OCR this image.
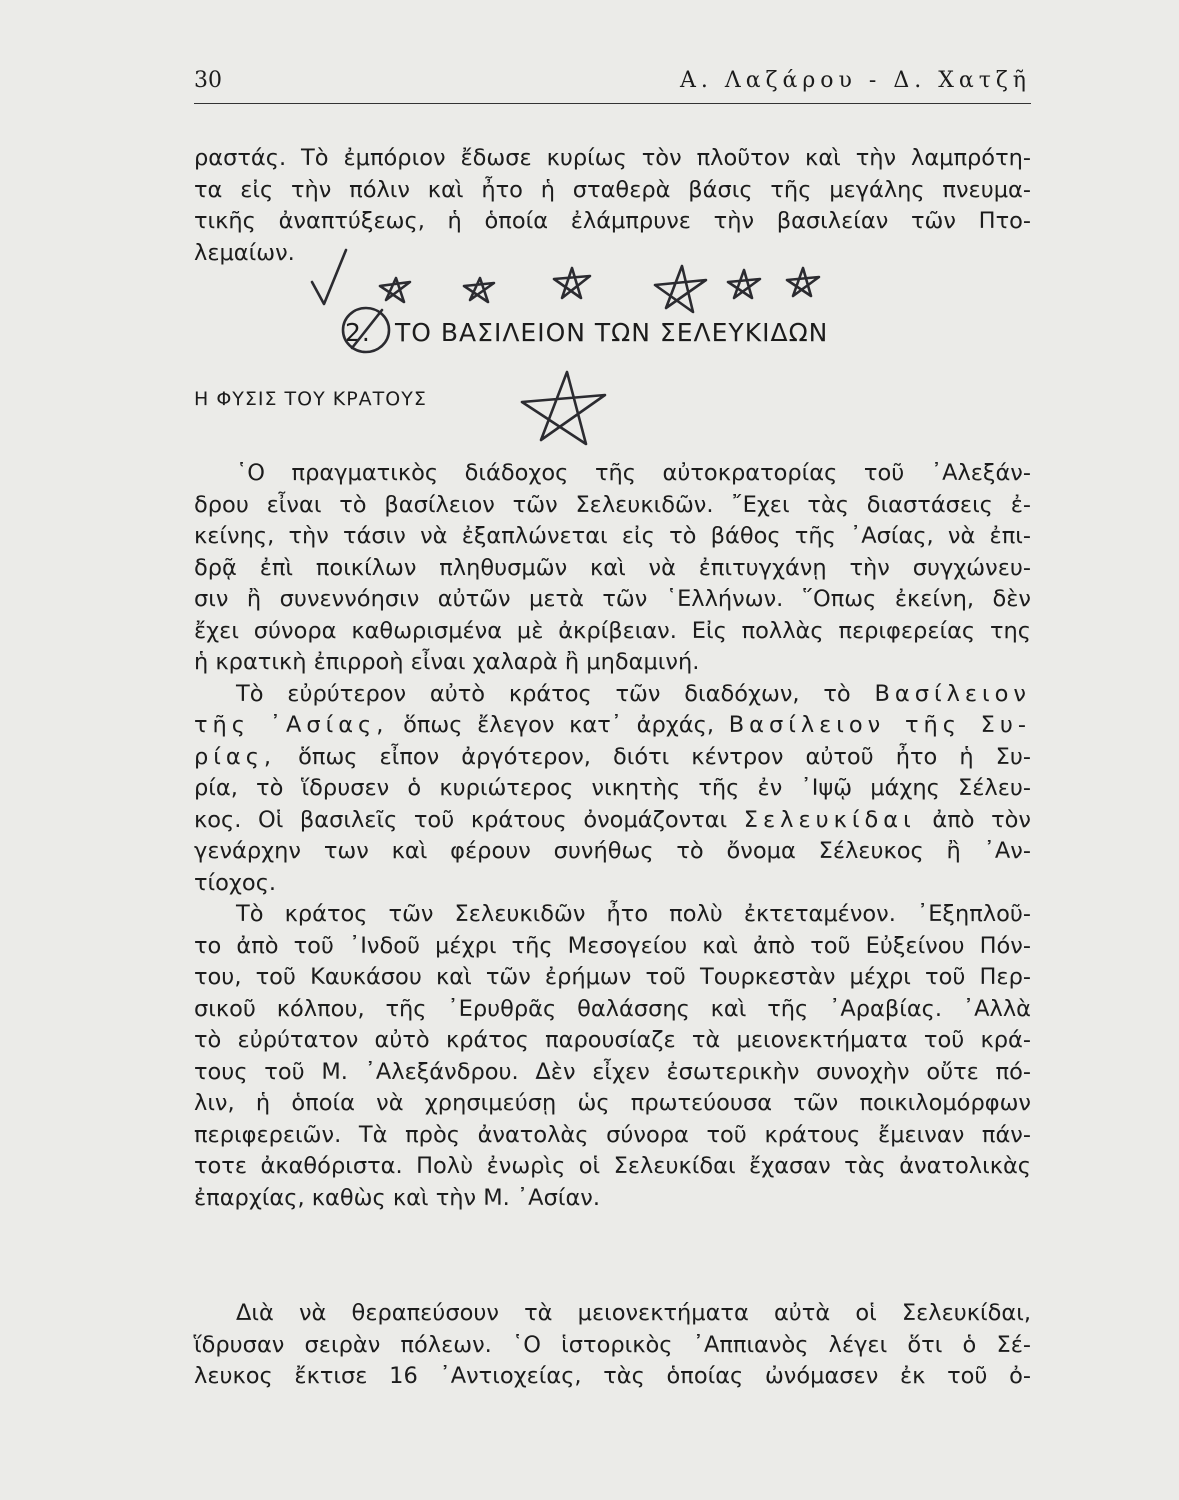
30	Α. Λαζάρου - Δ. Χατζῆ
ραστάς. Τὸ ἐμπόριον ἔδωσε κυρίως τὸν πλοῦτον καὶ τὴν λαμπρότη-
τα εἰς τὴν πόλιν καὶ ἦτο ἡ σταθερὰ βάσις τῆς μεγάλης πνευμα-
τικῆς ἀναπτύξεως, ἡ ὁποία ἐλάμπρυνε τὴν βασιλείαν τῶν Πτο-
λεμαίων.
2. ΤΟ ΒΑΣΙΛΕΙΟΝ ΤΩΝ ΣΕΛΕΥΚΙΔΩΝ
Η ΦΥΣΙΣ ΤΟΥ ΚΡΑΤΟΥΣ
῾Ο πραγματικὸς διάδοχος τῆς αὐτοκρατορίας τοῦ ᾿Αλεξάν-
δρου εἶναι τὸ βασίλειον τῶν Σελευκιδῶν. ῎Εχει τὰς διαστάσεις ἐ-
κείνης, τὴν τάσιν νὰ ἐξαπλώνεται εἰς τὸ βάθος τῆς ᾿Ασίας, νὰ ἐπι-
δρᾷ ἐπὶ ποικίλων πληθυσμῶν καὶ νὰ ἐπιτυγχάνῃ τὴν συγχώνευ-
σιν ἢ συνεννόησιν αὐτῶν μετὰ τῶν ῾Ελλήνων. ῞Οπως ἐκείνη, δὲν
ἔχει σύνορα καθωρισμένα μὲ ἀκρίβειαν. Εἰς πολλὰς περιφερείας της
ἡ κρατικὴ ἐπιρροὴ εἶναι χαλαρὰ ἢ μηδαμινή.
Τὸ εὐρύτερον αὐτὸ κράτος τῶν διαδόχων, τὸ Βασίλειον
τῆς ᾿Ασίας, ὅπως ἔλεγον κατ᾿ ἀρχάς, Βασίλειον τῆς Συ-
ρίας, ὅπως εἶπον ἀργότερον, διότι κέντρον αὐτοῦ ἦτο ἡ Συ-
ρία, τὸ ἵδρυσεν ὁ κυριώτερος νικητὴς τῆς ἐν ᾿Ιψῷ μάχης Σέλευ-
κος. Οἱ βασιλεῖς τοῦ κράτους ὀνομάζονται Σελευκίδαι ἀπὸ τὸν
γενάρχην των καὶ φέρουν συνήθως τὸ ὄνομα Σέλευκος ἢ ᾿Αν-
τίοχος.
Τὸ κράτος τῶν Σελευκιδῶν ἦτο πολὺ ἐκτεταμένον. ᾿Εξηπλοῦ-
το ἀπὸ τοῦ ᾿Ινδοῦ μέχρι τῆς Μεσογείου καὶ ἀπὸ τοῦ Εὐξείνου Πόν-
του, τοῦ Καυκάσου καὶ τῶν ἐρήμων τοῦ Τουρκεστὰν μέχρι τοῦ Περ-
σικοῦ κόλπου, τῆς ᾿Ερυθρᾶς θαλάσσης καὶ τῆς ᾿Αραβίας. ᾿Αλλὰ
τὸ εὐρύτατον αὐτὸ κράτος παρουσίαζε τὰ μειονεκτήματα τοῦ κρά-
τους τοῦ Μ. ᾿Αλεξάνδρου. Δὲν εἶχεν ἐσωτερικὴν συνοχὴν οὔτε πό-
λιν, ἡ ὁποία νὰ χρησιμεύσῃ ὡς πρωτεύουσα τῶν ποικιλομόρφων
περιφερειῶν. Τὰ πρὸς ἀνατολὰς σύνορα τοῦ κράτους ἔμειναν πάν-
τοτε ἀκαθόριστα. Πολὺ ἐνωρὶς οἱ Σελευκίδαι ἔχασαν τὰς ἀνατολικὰς
ἐπαρχίας, καθὼς καὶ τὴν Μ. ᾿Ασίαν.
Διὰ νὰ θεραπεύσουν τὰ μειονεκτήματα αὐτὰ οἱ Σελευκίδαι,
ἵδρυσαν σειρὰν πόλεων. ῾Ο ἱστορικὸς ᾿Αππιανὸς λέγει ὅτι ὁ Σέ-
λευκος ἔκτισε 16 ᾿Αντιοχείας, τὰς ὁποίας ὠνόμασεν ἐκ τοῦ ὀ-
